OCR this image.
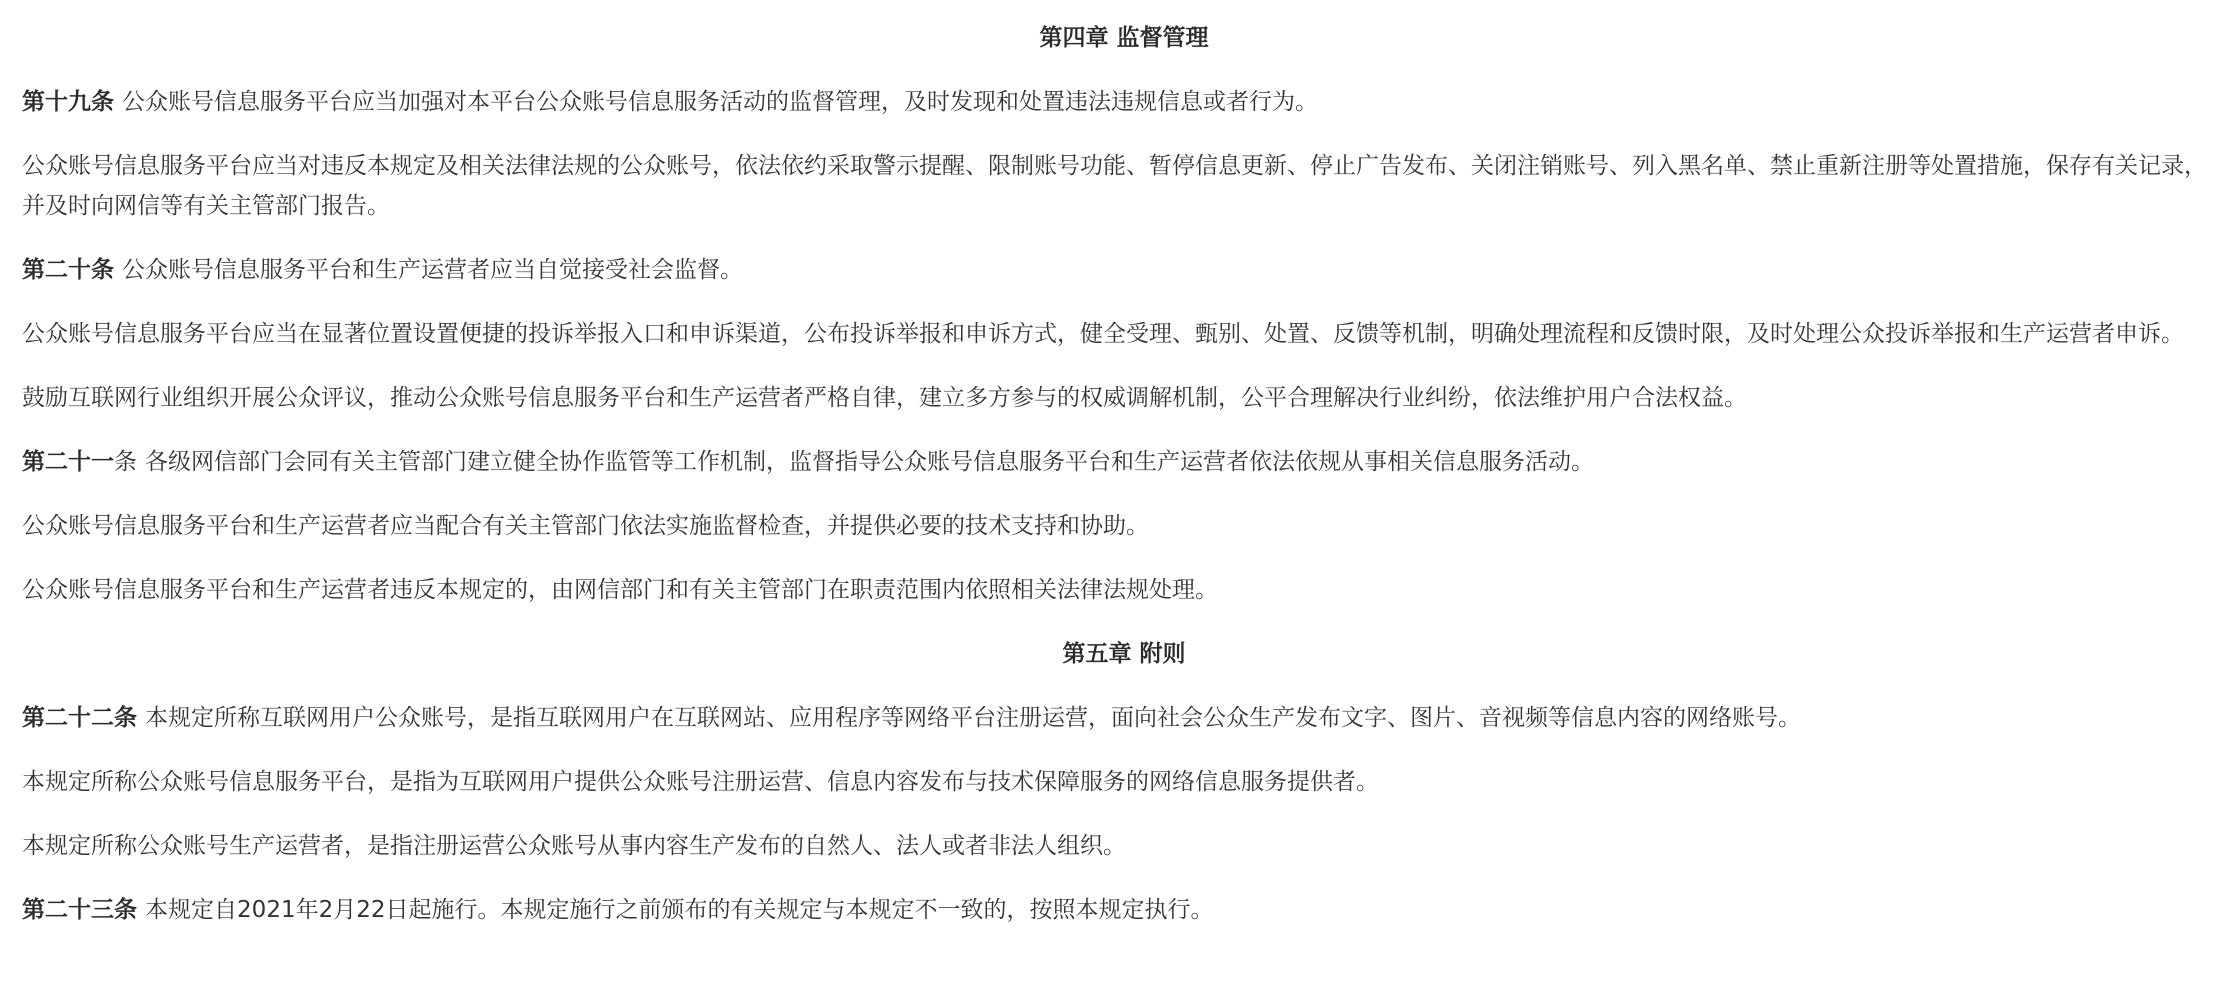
第四章 监督管理

第十九条 公众账号信息服务平台应当加强对本平台公众账号信息服务活动的监督管理，及时发现和处置违法违规信息或者行为。

公众账号信息服务平台应当对违反本规定及相关法律法规的公众账号，依法依约采取警示提醒、限制账号功能、暂停信息更新、停止广告发布、关闭注销账号、列入黑名单、禁止重新注册等处置措施，保存有关记录，并及时向网信等有关主管部门报告。

第二十条 公众账号信息服务平台和生产运营者应当自觉接受社会监督。

公众账号信息服务平台应当在显著位置设置便捷的投诉举报入口和申诉渠道，公布投诉举报和申诉方式，健全受理、甄别、处置、反馈等机制，明确处理流程和反馈时限，及时处理公众投诉举报和生产运营者申诉。

鼓励互联网行业组织开展公众评议，推动公众账号信息服务平台和生产运营者严格自律，建立多方参与的权威调解机制，公平合理解决行业纠纷，依法维护用户合法权益。

第二十一条 各级网信部门会同有关主管部门建立健全协作监管等工作机制，监督指导公众账号信息服务平台和生产运营者依法依规从事相关信息服务活动。

公众账号信息服务平台和生产运营者应当配合有关主管部门依法实施监督检查，并提供必要的技术支持和协助。

公众账号信息服务平台和生产运营者违反本规定的，由网信部门和有关主管部门在职责范围内依照相关法律法规处理。

第五章 附则

第二十二条 本规定所称互联网用户公众账号，是指互联网用户在互联网站、应用程序等网络平台注册运营，面向社会公众生产发布文字、图片、音视频等信息内容的网络账号。

本规定所称公众账号信息服务平台，是指为互联网用户提供公众账号注册运营、信息内容发布与技术保障服务的网络信息服务提供者。

本规定所称公众账号生产运营者，是指注册运营公众账号从事内容生产发布的自然人、法人或者非法人组织。

第二十三条 本规定自2021年2月22日起施行。本规定施行之前颁布的有关规定与本规定不一致的，按照本规定执行。
